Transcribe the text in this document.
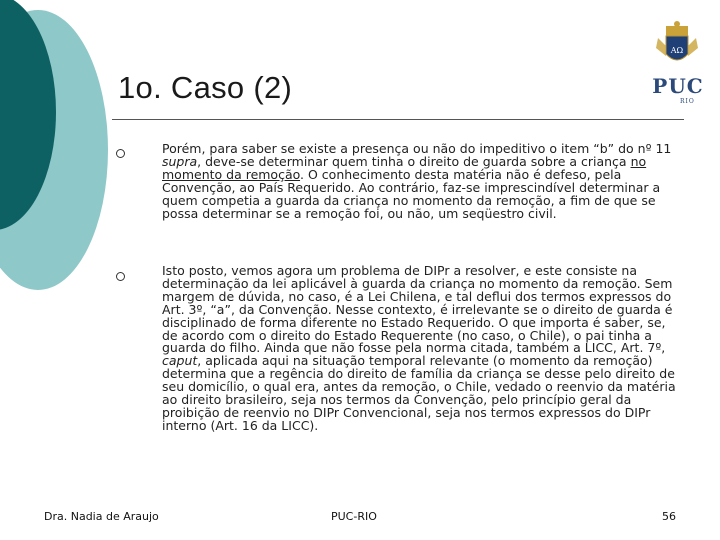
1o. Caso (2)
AΩ
PUC
RIO

Porém, para saber se existe a presença ou não do impeditivo o item “b” do nº 11 supra, deve-se determinar quem tinha o direito de guarda sobre a criança no momento da remoção. O conhecimento desta matéria não é defeso, pela Convenção, ao País Requerido. Ao contrário, faz-se imprescindível determinar a quem competia a guarda da criança no momento da remoção, a fim de que se possa determinar se a remoção foi, ou não, um seqüestro civil.

Isto posto, vemos agora um problema de DIPr a resolver, e este consiste na determinação da lei aplicável à guarda da criança no momento da remoção. Sem margem de dúvida, no caso, é a Lei Chilena, e tal deflui dos termos expressos do Art. 3º, “a”, da Convenção. Nesse contexto, é irrelevante se o direito de guarda é disciplinado de forma diferente no Estado Requerido. O que importa é saber, se, de acordo com o direito do Estado Requerente (no caso, o Chile), o pai tinha a guarda do filho. Ainda que não fosse pela norma citada, também a LICC, Art. 7º, caput, aplicada aqui na situação temporal relevante (o momento da remoção) determina que a regência do direito de família da criança se desse pelo direito de seu domicílio, o qual era, antes da remoção, o Chile, vedado o reenvio da matéria ao direito brasileiro, seja nos termos da Convenção, pelo princípio geral da proibição de reenvio no DIPr Convencional, seja nos termos expressos do DIPr interno (Art. 16 da LICC).

Dra. Nadia de Araujo	PUC-RIO	56
